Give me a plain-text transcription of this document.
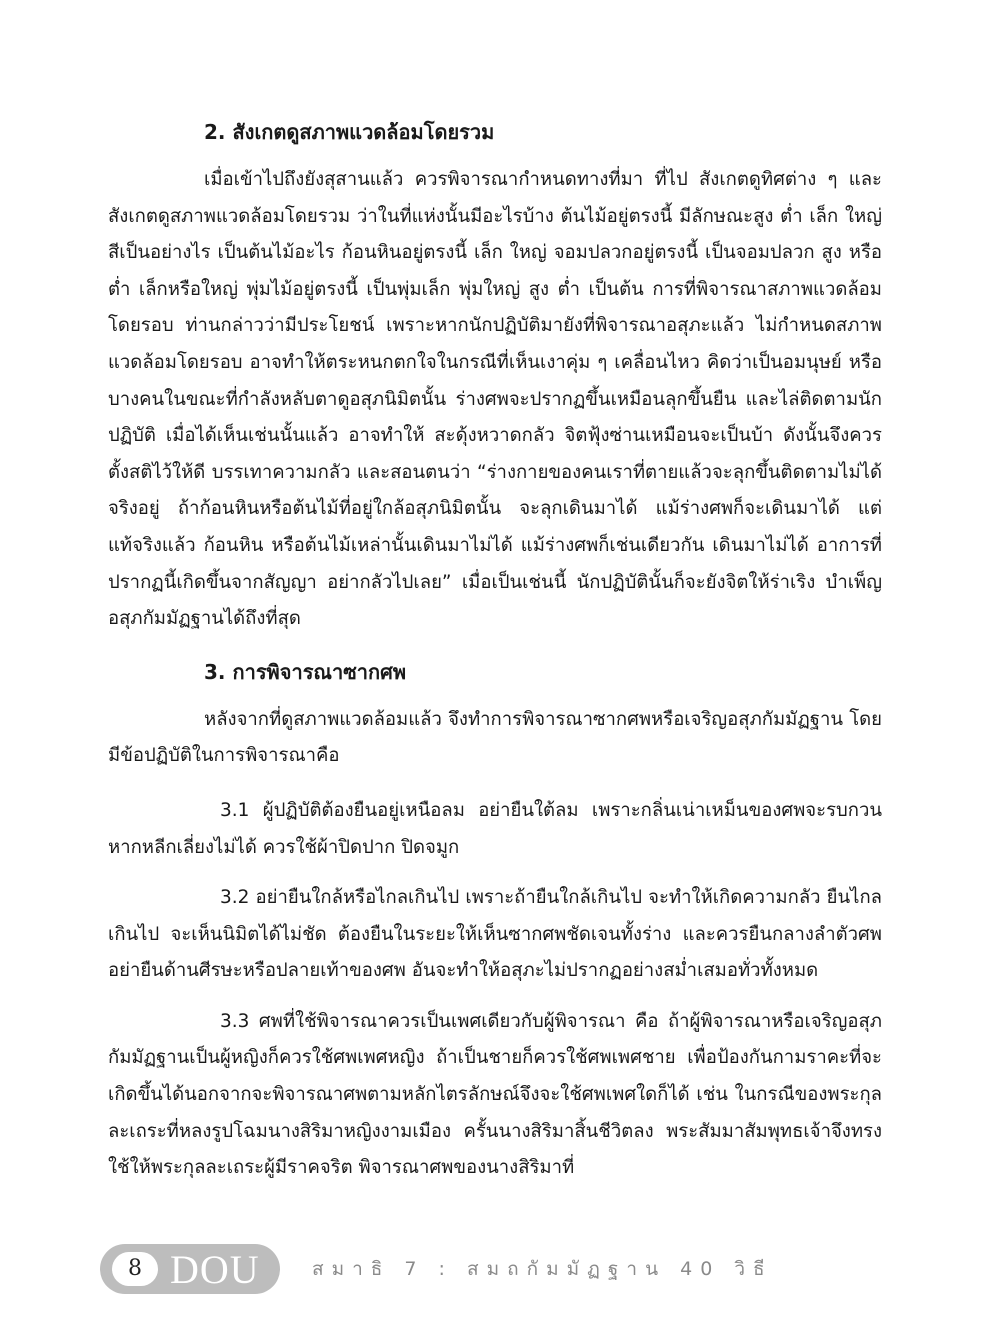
2. สังเกตดูสภาพแวดล้อมโดยรวม

เมื่อเข้าไปถึงยังสุสานแล้ว ควรพิจารณากำหนดทางที่มา ที่ไป สังเกตดูทิศต่าง ๆ และสังเกตดูสภาพแวดล้อมโดยรวม ว่าในที่แห่งนั้นมีอะไรบ้าง ต้นไม้อยู่ตรงนี้ มีลักษณะสูง ต่ำ เล็ก ใหญ่ สีเป็นอย่างไร เป็นต้นไม้อะไร ก้อนหินอยู่ตรงนี้ เล็ก ใหญ่ จอมปลวกอยู่ตรงนี้ เป็นจอมปลวก สูง หรือต่ำ เล็กหรือใหญ่ พุ่มไม้อยู่ตรงนี้ เป็นพุ่มเล็ก พุ่มใหญ่ สูง ต่ำ เป็นต้น การที่พิจารณาสภาพแวดล้อมโดยรอบ ท่านกล่าวว่ามีประโยชน์ เพราะหากนักปฏิบัติมายังที่พิจารณาอสุภะแล้ว ไม่กำหนดสภาพแวดล้อมโดยรอบ อาจทำให้ตระหนกตกใจในกรณีที่เห็นเงาคุ่ม ๆ เคลื่อนไหว คิดว่าเป็นอมนุษย์ หรือบางคนในขณะที่กำลังหลับตาดูอสุภนิมิตนั้น ร่างศพจะปรากฏขึ้นเหมือนลุกขึ้นยืน และไล่ติดตามนักปฏิบัติ เมื่อได้เห็นเช่นนั้นแล้ว อาจทำให้ สะดุ้งหวาดกลัว จิตฟุ้งซ่านเหมือนจะเป็นบ้า ดังนั้นจึงควรตั้งสติไว้ให้ดี บรรเทาความกลัว และสอนตนว่า “ร่างกายของคนเราที่ตายแล้วจะลุกขึ้นติดตามไม่ได้ จริงอยู่ ถ้าก้อนหินหรือต้นไม้ที่อยู่ใกล้อสุภนิมิตนั้น จะลุกเดินมาได้ แม้ร่างศพก็จะเดินมาได้ แต่แท้จริงแล้ว ก้อนหิน หรือต้นไม้เหล่านั้นเดินมาไม่ได้ แม้ร่างศพก็เช่นเดียวกัน เดินมาไม่ได้ อาการที่ปรากฏนี้เกิดขึ้นจากสัญญา อย่ากลัวไปเลย” เมื่อเป็นเช่นนี้ นักปฏิบัตินั้นก็จะยังจิตให้ร่าเริง บำเพ็ญอสุภกัมมัฏฐานได้ถึงที่สุด

3. การพิจารณาซากศพ

หลังจากที่ดูสภาพแวดล้อมแล้ว จึงทำการพิจารณาซากศพหรือเจริญอสุภกัมมัฏฐาน โดยมีข้อปฏิบัติในการพิจารณาคือ

3.1 ผู้ปฏิบัติต้องยืนอยู่เหนือลม อย่ายืนใต้ลม เพราะกลิ่นเน่าเหม็นของศพจะรบกวน หากหลีกเลี่ยงไม่ได้ ควรใช้ผ้าปิดปาก ปิดจมูก

3.2 อย่ายืนใกล้หรือไกลเกินไป เพราะถ้ายืนใกล้เกินไป จะทำให้เกิดความกลัว ยืนไกลเกินไป จะเห็นนิมิตได้ไม่ชัด ต้องยืนในระยะให้เห็นซากศพชัดเจนทั้งร่าง และควรยืนกลางลำตัวศพ อย่ายืนด้านศีรษะหรือปลายเท้าของศพ อันจะทำให้อสุภะไม่ปรากฏอย่างสม่ำเสมอทั่วทั้งหมด

3.3 ศพที่ใช้พิจารณาควรเป็นเพศเดียวกับผู้พิจารณา คือ ถ้าผู้พิจารณาหรือเจริญอสุภกัมมัฏฐานเป็นผู้หญิงก็ควรใช้ศพเพศหญิง ถ้าเป็นชายก็ควรใช้ศพเพศชาย เพื่อป้องกันกามราคะที่จะเกิดขึ้นได้นอกจากจะพิจารณาศพตามหลักไตรลักษณ์จึงจะใช้ศพเพศใดก็ได้ เช่น ในกรณีของพระกุลละเถระที่หลงรูปโฉมนางสิริมาหญิงงามเมือง ครั้นนางสิริมาสิ้นชีวิตลง พระสัมมาสัมพุทธเจ้าจึงทรงใช้ให้พระกุลละเถระผู้มีราคจริต พิจารณาศพของนางสิริมาที่

8 DOU	สมาธิ 7 : สมถกัมมัฏฐาน 40 วิธี
